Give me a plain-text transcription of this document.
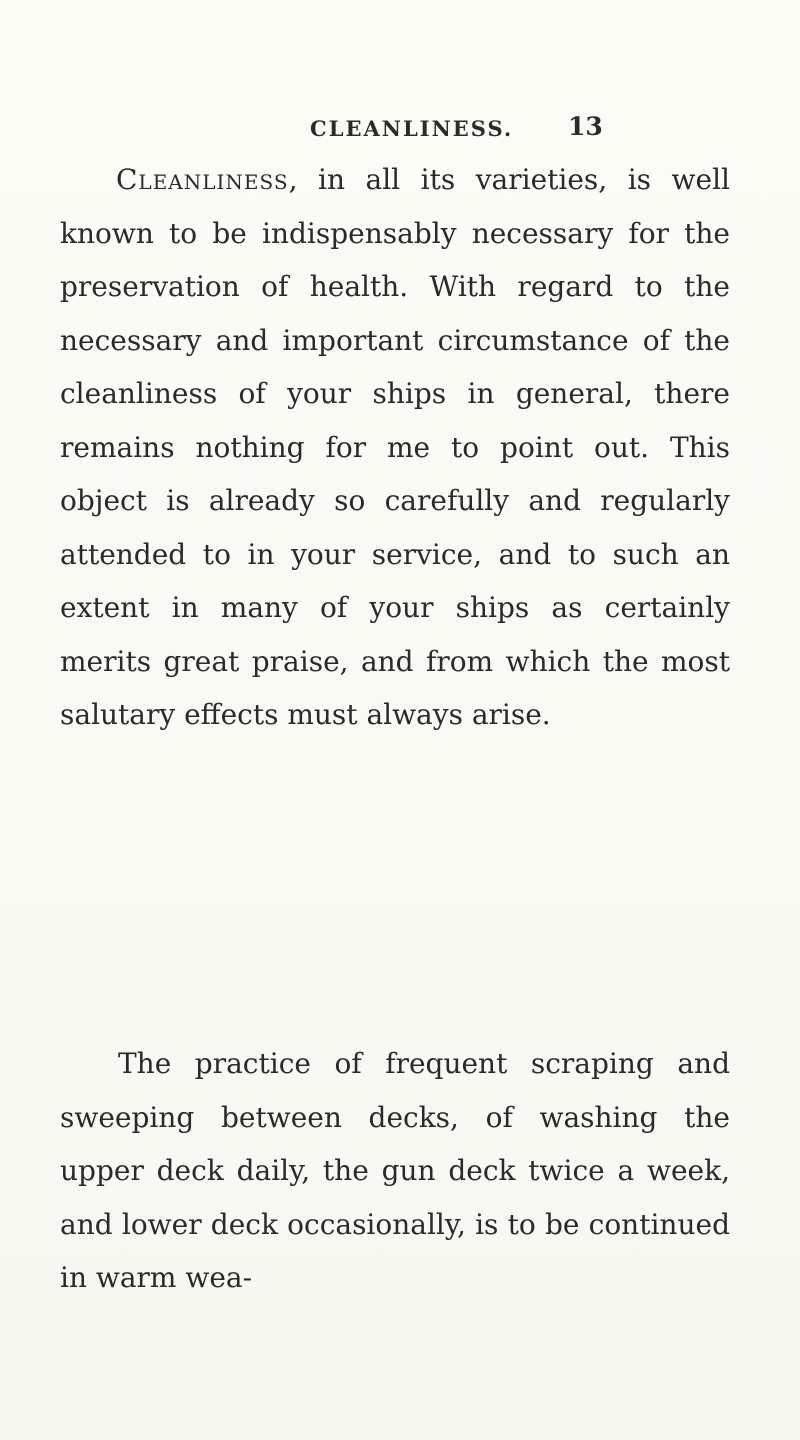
CLEANLINESS. 13

Cleanliness, in all its varieties, is well known to be indispensably necessary for the preservation of health. With regard to the necessary and important circumstance of the cleanliness of your ships in general, there remains nothing for me to point out. This object is already so carefully and regularly attended to in your service, and to such an extent in many of your ships as certainly merits great praise, and from which the most salutary effects must always arise.

The practice of frequent scraping and sweeping between decks, of washing the upper deck daily, the gun deck twice a week, and lower deck occasionally, is to be continued in warm wea-
